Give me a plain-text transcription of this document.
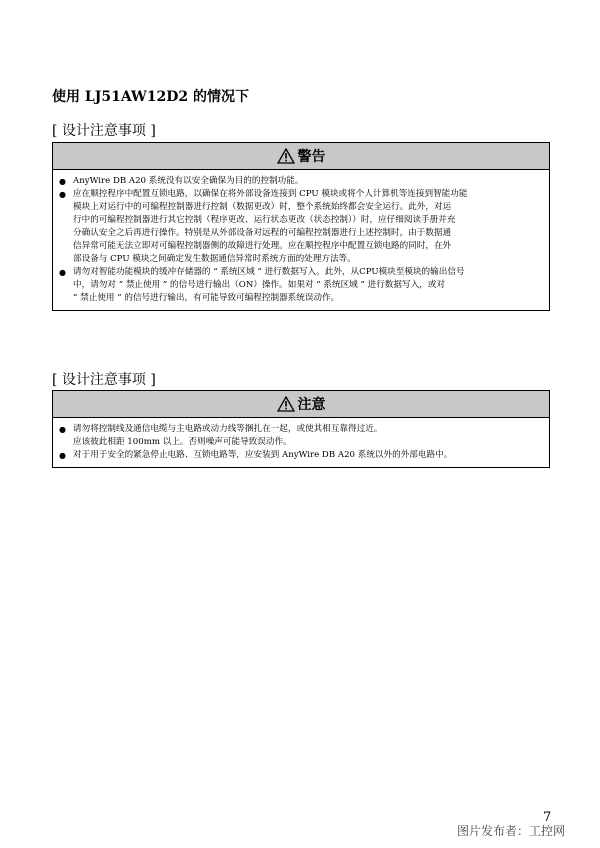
使用 LJ51AW12D2 的情况下
[ 设计注意事项 ]
警告
● AnyWire DB A20 系统没有以安全确保为目的的控制功能。
● 应在顺控程序中配置互锁电路，以确保在将外部设备连接到 CPU 模块或将个人计算机等连接到智能功能
模块上对运行中的可编程控制器进行控制（数据更改）时，整个系统始终都会安全运行。此外，对运
行中的可编程控制器进行其它控制（程序更改、运行状态更改（状态控制））时，应仔细阅读手册并充
分确认安全之后再进行操作。特别是从外部设备对远程的可编程控制器进行上述控制时，由于数据通
信异常可能无法立即对可编程控制器侧的故障进行处理。应在顺控程序中配置互锁电路的同时，在外
部设备与 CPU 模块之间确定发生数据通信异常时系统方面的处理方法等。
● 请勿对智能功能模块的缓冲存储器的 “ 系统区域 ” 进行数据写入。此外，从CPU模块至模块的输出信号
中，请勿对 “ 禁止使用 ” 的信号进行输出（ON）操作。如果对 “ 系统区域 ” 进行数据写入，或对
“ 禁止使用 ” 的信号进行输出，有可能导致可编程控制器系统误动作。
[ 设计注意事项 ]
注意
● 请勿将控制线及通信电缆与主电路或动力线等捆扎在一起，或使其相互靠得过近。
应该彼此相距 100mm 以上。否则噪声可能导致误动作。
● 对于用于安全的紧急停止电路、互锁电路等，应安装到 AnyWire DB A20 系统以外的外部电路中。
7
图片发布者：工控网
